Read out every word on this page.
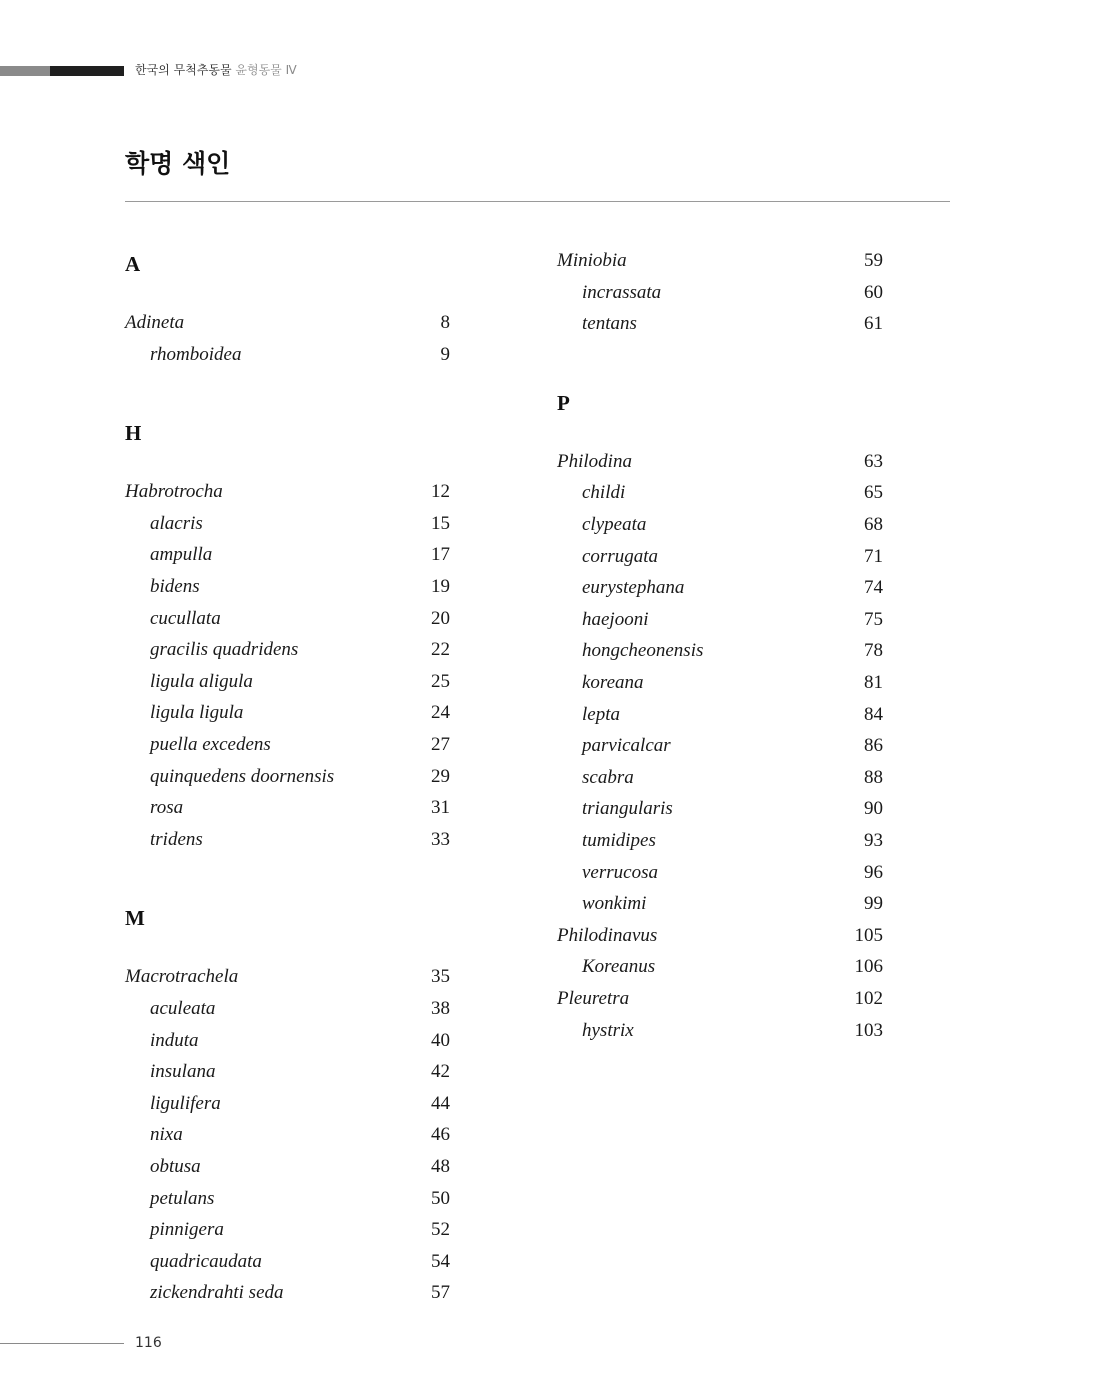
한국의 무척추동물 윤형동물 Ⅳ
학명 색인
A
Adineta	8
rhomboidea	9
H
Habrotrocha	12
alacris	15
ampulla	17
bidens	19
cucullata	20
gracilis quadridens	22
ligula aligula	25
ligula ligula	24
puella excedens	27
quinquedens doornensis	29
rosa	31
tridens	33
M
Macrotrachela	35
aculeata	38
induta	40
insulana	42
ligulifera	44
nixa	46
obtusa	48
petulans	50
pinnigera	52
quadricaudata	54
zickendrahti seda	57
Miniobia	59
incrassata	60
tentans	61
P
Philodina	63
childi	65
clypeata	68
corrugata	71
eurystephana	74
haejooni	75
hongcheonensis	78
koreana	81
lepta	84
parvicalcar	86
scabra	88
triangularis	90
tumidipes	93
verrucosa	96
wonkimi	99
Philodinavus	105
Koreanus	106
Pleuretra	102
hystrix	103
116
